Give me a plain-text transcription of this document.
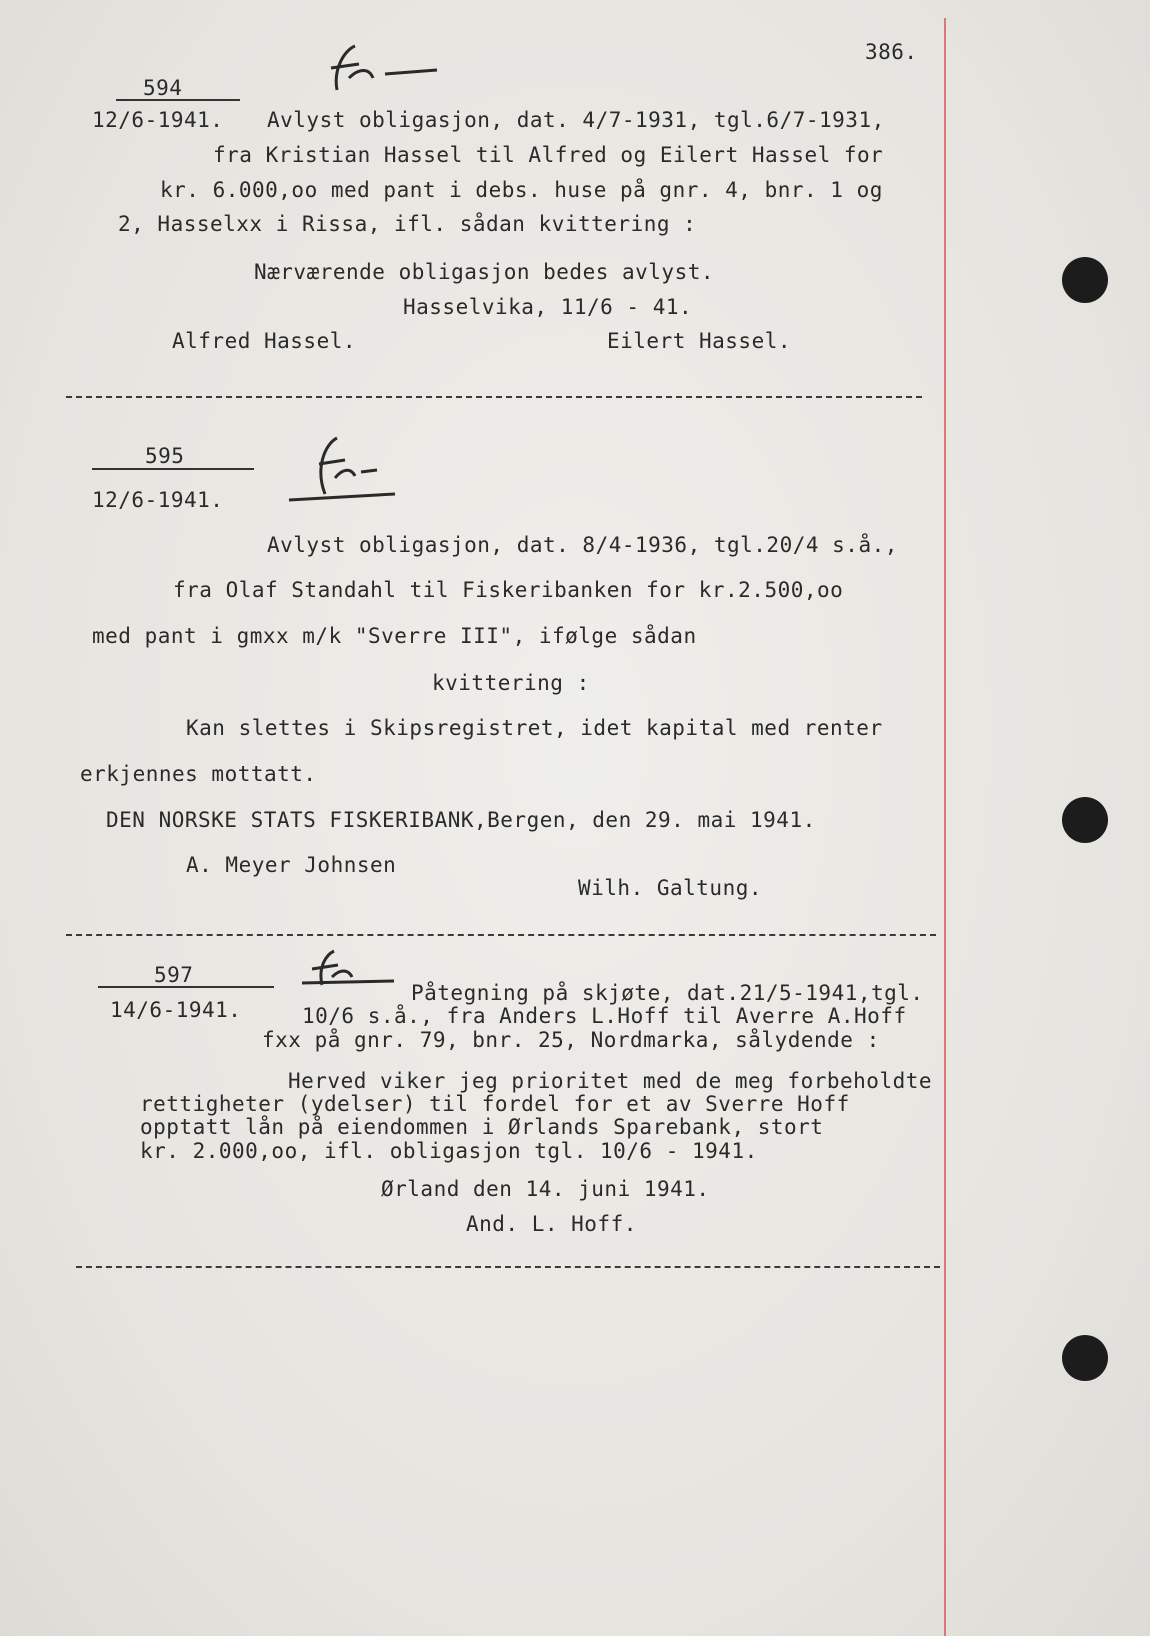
386.
594
12/6-1941. Avlyst obligasjon, dat. 4/7-1931, tgl.6/7-1931,
fra Kristian Hassel til Alfred og Eilert Hassel for
kr. 6.000,oo med pant i debs. huse på gnr. 4, bnr. 1 og
2, Hasselxx i Rissa, ifl. sådan kvittering :
Nærværende obligasjon bedes avlyst.
Hasselvika, 11/6 - 41.
Alfred Hassel.	Eilert Hassel.
595
12/6-1941.
Avlyst obligasjon, dat. 8/4-1936, tgl.20/4 s.å.,
fra Olaf Standahl til Fiskeribanken for kr.2.500,oo
med pant i gmxx m/k "Sverre III", ifølge sådan
kvittering :
Kan slettes i Skipsregistret, idet kapital med renter
erkjennes mottatt.
DEN NORSKE STATS FISKERIBANK,Bergen, den 29. mai 1941.
A. Meyer Johnsen
Wilh. Galtung.
597
14/6-1941.
Påtegning på skjøte, dat.21/5-1941,tgl.
10/6 s.å., fra Anders L.Hoff til Averre A.Hoff
fxx på gnr. 79, bnr. 25, Nordmarka, sålydende :
Herved viker jeg prioritet med de meg forbeholdte
rettigheter (ydelser) til fordel for et av Sverre Hoff
opptatt lån på eiendommen i Ørlands Sparebank, stort
kr. 2.000,oo, ifl. obligasjon tgl. 10/6 - 1941.
Ørland den 14. juni 1941.
And. L. Hoff.
